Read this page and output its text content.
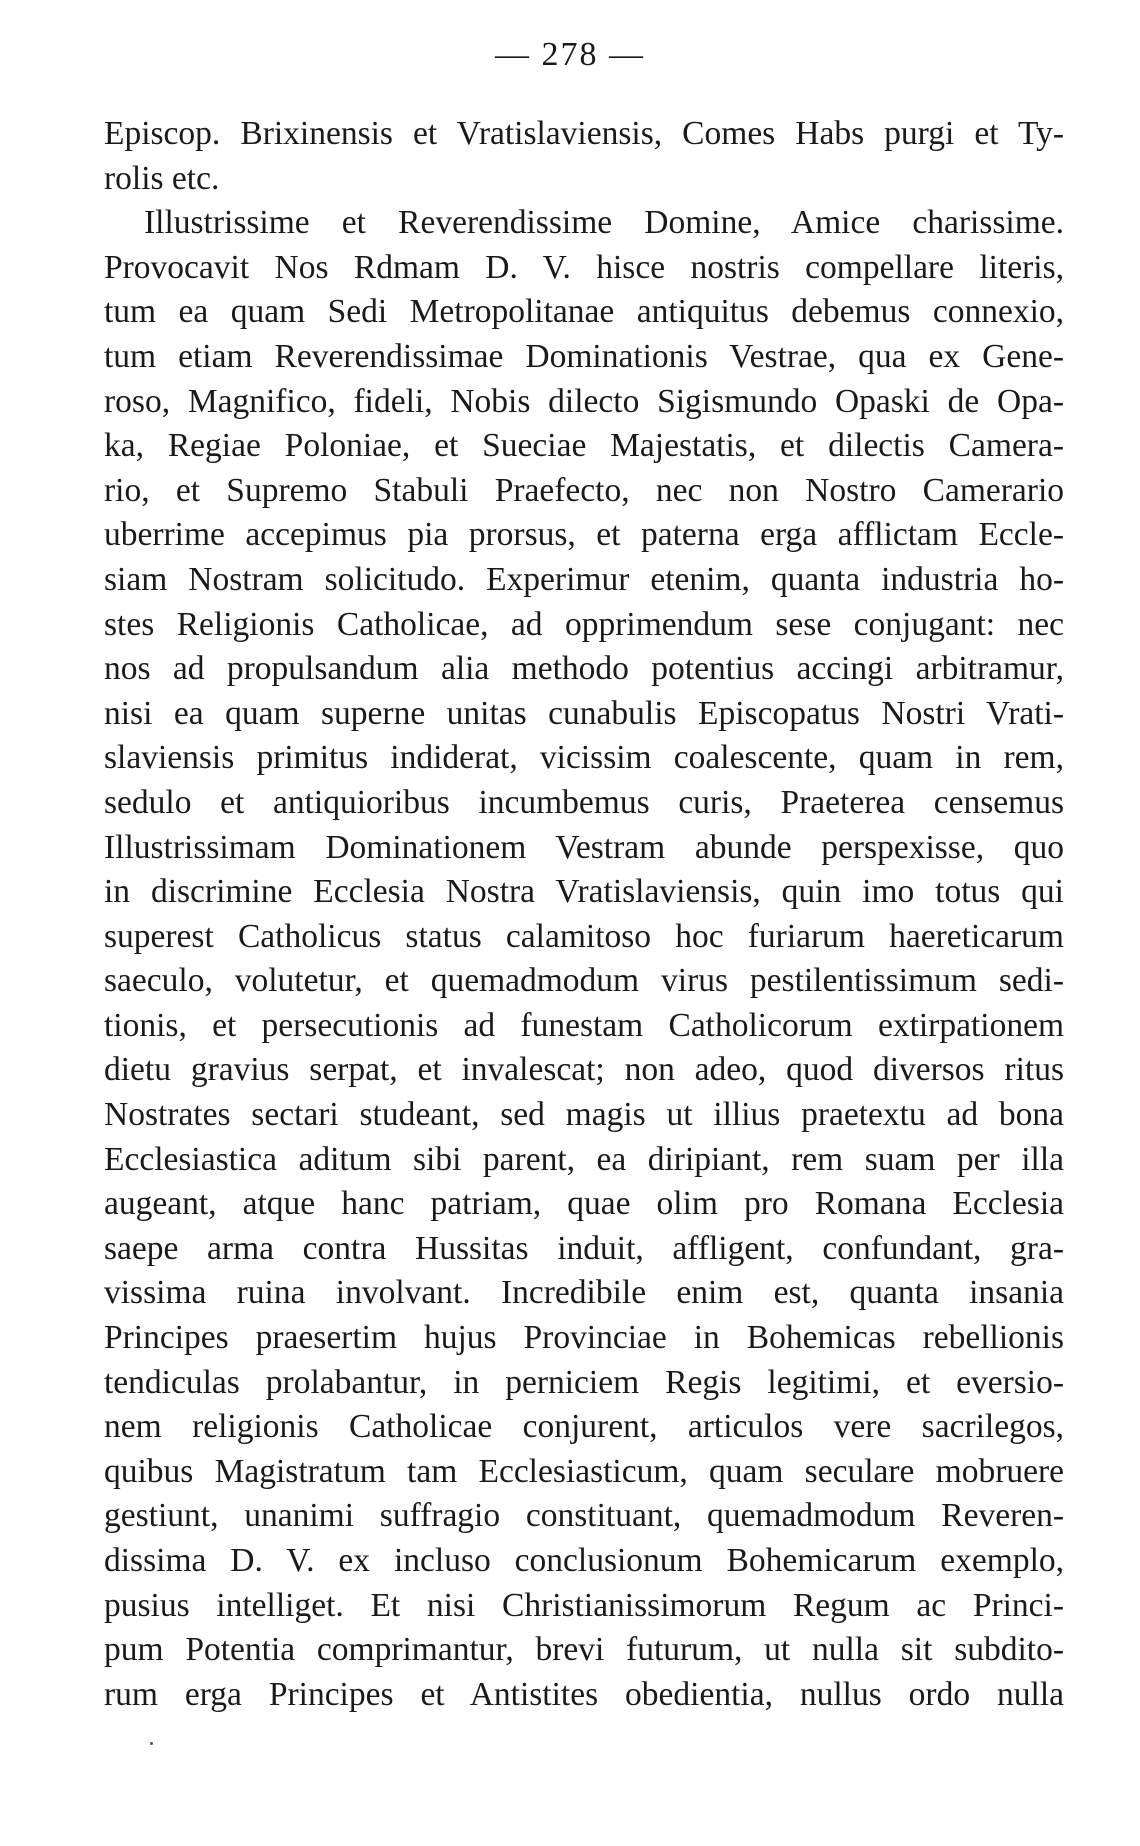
— 278 —
Episcop. Brixinensis et Vratislaviensis, Comes Habs purgi et Ty-
rolis etc.
Illustrissime et Reverendissime Domine, Amice charissime.
Provocavit Nos Rdmam D. V. hisce nostris compellare literis,
tum ea quam Sedi Metropolitanae antiquitus debemus connexio,
tum etiam Reverendissimae Dominationis Vestrae, qua ex Gene-
roso, Magnifico, fideli, Nobis dilecto Sigismundo Opaski de Opa-
ka, Regiae Poloniae, et Sueciae Majestatis, et dilectis Camera-
rio, et Supremo Stabuli Praefecto, nec non Nostro Camerario
uberrime accepimus pia prorsus, et paterna erga afflictam Eccle-
siam Nostram solicitudo. Experimur etenim, quanta industria ho-
stes Religionis Catholicae, ad opprimendum sese conjugant: nec
nos ad propulsandum alia methodo potentius accingi arbitramur,
nisi ea quam superne unitas cunabulis Episcopatus Nostri Vrati-
slaviensis primitus indiderat, vicissim coalescente, quam in rem,
sedulo et antiquioribus incumbemus curis, Praeterea censemus
Illustrissimam Dominationem Vestram abunde perspexisse, quo
in discrimine Ecclesia Nostra Vratislaviensis, quin imo totus qui
superest Catholicus status calamitoso hoc furiarum haereticarum
saeculo, volutetur, et quemadmodum virus pestilentissimum sedi-
tionis, et persecutionis ad funestam Catholicorum extirpationem
dietu gravius serpat, et invalescat; non adeo, quod diversos ritus
Nostrates sectari studeant, sed magis ut illius praetextu ad bona
Ecclesiastica aditum sibi parent, ea diripiant, rem suam per illa
augeant, atque hanc patriam, quae olim pro Romana Ecclesia
saepe arma contra Hussitas induit, affligent, confundant, gra-
vissima ruina involvant. Incredibile enim est, quanta insania
Principes praesertim hujus Provinciae in Bohemicas rebellionis
tendiculas prolabantur, in perniciem Regis legitimi, et eversio-
nem religionis Catholicae conjurent, articulos vere sacrilegos,
quibus Magistratum tam Ecclesiasticum, quam seculare mobruere
gestiunt, unanimi suffragio constituant, quemadmodum Reveren-
dissima D. V. ex incluso conclusionum Bohemicarum exemplo,
pusius intelliget. Et nisi Christianissimorum Regum ac Princi-
pum Potentia comprimantur, brevi futurum, ut nulla sit subdito-
rum erga Principes et Antistites obedientia, nullus ordo nulla
